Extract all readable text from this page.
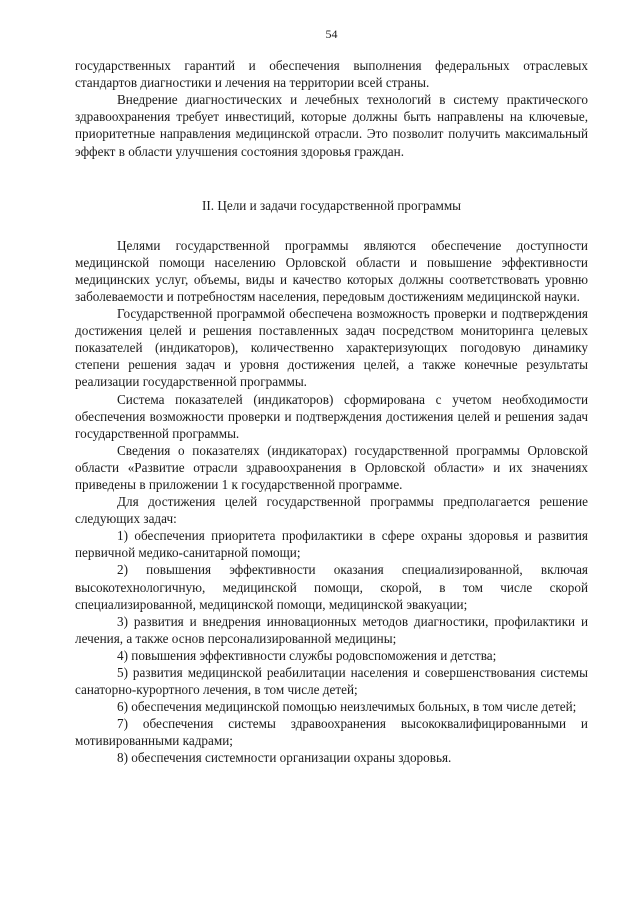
54

государственных гарантий и обеспечения выполнения федеральных отраслевых стандартов диагностики и лечения на территории всей страны.

Внедрение диагностических и лечебных технологий в систему практического здравоохранения требует инвестиций, которые должны быть направлены на ключевые, приоритетные направления медицинской отрасли. Это позволит получить максимальный эффект в области улучшения состояния здоровья граждан.

II. Цели и задачи государственной программы

Целями государственной программы являются обеспечение доступности медицинской помощи населению Орловской области и повышение эффективности медицинских услуг, объемы, виды и качество которых должны соответствовать уровню заболеваемости и потребностям населения, передовым достижениям медицинской науки.

Государственной программой обеспечена возможность проверки и подтверждения достижения целей и решения поставленных задач посредством мониторинга целевых показателей (индикаторов), количественно характеризующих погодовую динамику степени решения задач и уровня достижения целей, а также конечные результаты реализации государственной программы.

Система показателей (индикаторов) сформирована с учетом необходимости обеспечения возможности проверки и подтверждения достижения целей и решения задач государственной программы.

Сведения о показателях (индикаторах) государственной программы Орловской области «Развитие отрасли здравоохранения в Орловской области» и их значениях приведены в приложении 1 к государственной программе.

Для достижения целей государственной программы предполагается решение следующих задач:

1) обеспечения приоритета профилактики в сфере охраны здоровья и развития первичной медико-санитарной помощи;

2) повышения эффективности оказания специализированной, включая высокотехнологичную, медицинской помощи, скорой, в том числе скорой специализированной, медицинской помощи, медицинской эвакуации;

3) развития и внедрения инновационных методов диагностики, профилактики и лечения, а также основ персонализированной медицины;

4) повышения эффективности службы родовспоможения и детства;

5) развития медицинской реабилитации населения и совершенствования системы санаторно-курортного лечения, в том числе детей;

6) обеспечения медицинской помощью неизлечимых больных, в том числе детей;

7) обеспечения системы здравоохранения высококвалифицированными и мотивированными кадрами;

8) обеспечения системности организации охраны здоровья.
